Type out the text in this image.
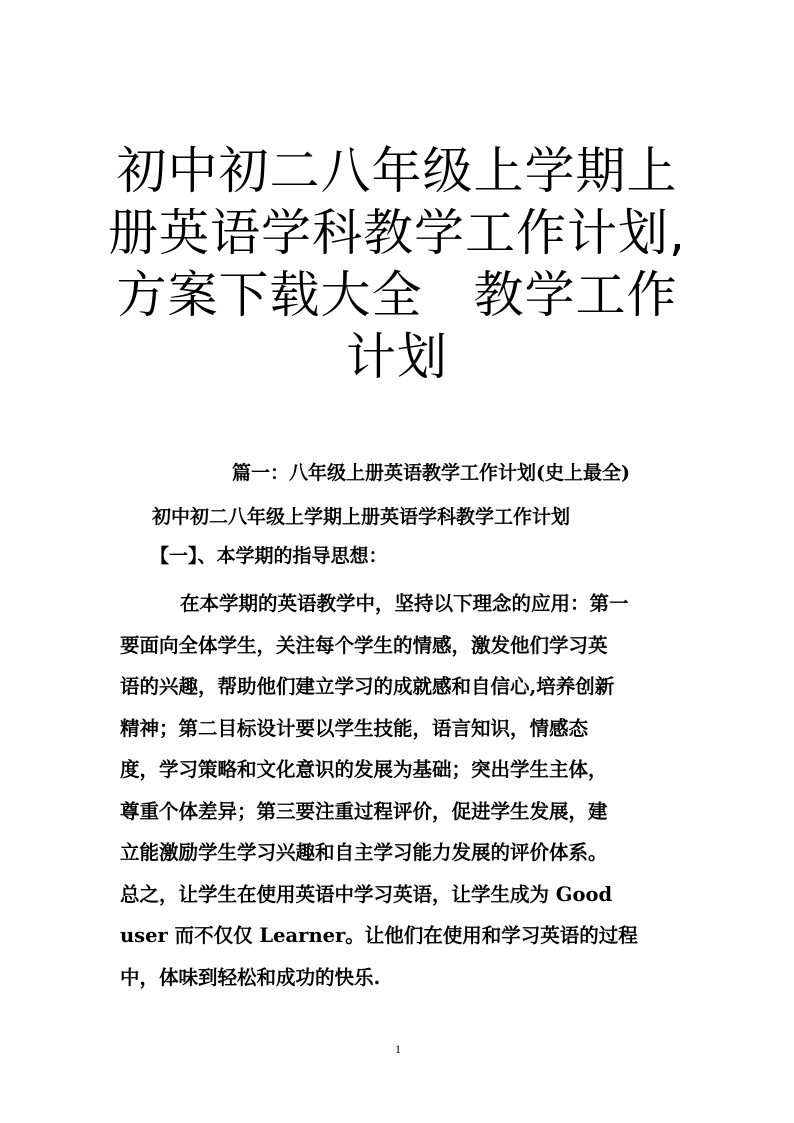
初中初二八年级上学期上
册英语学科教学工作计划,
方案下载大全　教学工作
计划
篇一：八年级上册英语教学工作计划(史上最全)
初中初二八年级上学期上册英语学科教学工作计划
【一】、本学期的指导思想：
在本学期的英语教学中，坚持以下理念的应用：第一
要面向全体学生，关注每个学生的情感，激发他们学习英
语的兴趣，帮助他们建立学习的成就感和自信心,培养创新
精神；第二目标设计要以学生技能，语言知识，情感态
度，学习策略和文化意识的发展为基础；突出学生主体，
尊重个体差异；第三要注重过程评价，促进学生发展，建
立能激励学生学习兴趣和自主学习能力发展的评价体系。
总之，让学生在使用英语中学习英语，让学生成为 Good
user 而不仅仅 Learner。让他们在使用和学习英语的过程
中，体味到轻松和成功的快乐.
1
